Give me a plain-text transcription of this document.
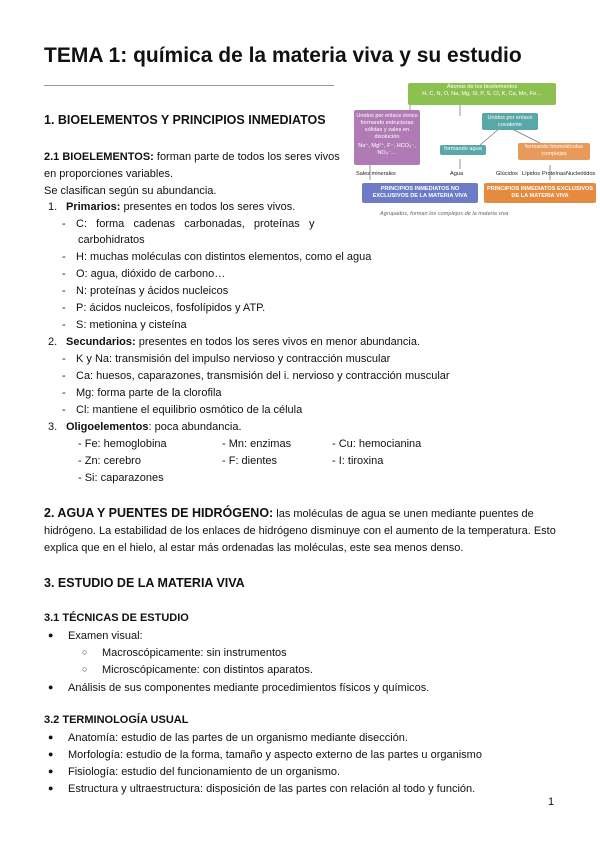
TEMA 1: química de la materia viva y su estudio
Átomos de los bioelementos
H, C, N, O, Na, Mg, Sl, P, S, Cl, K, Ca, Mn, Fe…
Unidos por enlace iónico formando estructuras sólidas y sales en disolución
Na⁺, Mg²⁺, F⁻, HCO₃⁻, NO₃⁻…
Unidos por enlace covalente
formando agua	formando biomoléculas complejas
Sales minerales	Agua	Glúcidos Lípidos Proteínas Nucleótidos
PRINCIPIOS INMEDIATOS NO EXCLUSIVOS DE LA MATERIA VIVA
PRINCIPIOS INMEDIATOS EXCLUSIVOS DE LA MATERIA VIVA
Agrupados, forman los complejos de la materia viva
1. BIOELEMENTOS Y PRINCIPIOS INMEDIATOS
2.1 BIOELEMENTOS: forman parte de todos los seres vivos
en proporciones variables.
Se clasifican según su abundancia.
1. Primarios: presentes en todos los seres vivos.
- C:   forma   cadenas   carbonadas,   proteínas   y
carbohidratos
- H: muchas moléculas con distintos elementos, como el agua
- O: agua, dióxido de carbono…
- N: proteínas y ácidos nucleicos
- P: ácidos nucleicos, fosfolípidos y ATP.
- S: metionina y cisteína
2. Secundarios: presentes en todos los seres vivos en menor abundancia.
- K y Na: transmisión del impulso nervioso y contracción muscular
- Ca: huesos, caparazones, transmisión del i. nervioso y contracción muscular
- Mg: forma parte de la clorofila
- Cl: mantiene el equilibrio osmótico de la célula
3. Oligoelementos: poca abundancia.
- Fe: hemoglobina	- Mn: enzimas	- Cu: hemocianina
- Zn: cerebro	- F: dientes	- I: tiroxina
- Si: caparazones
2. AGUA Y PUENTES DE HIDRÓGENO: las moléculas de agua se unen mediante puentes de
hidrógeno. La estabilidad de los enlaces de hidrógeno disminuye con el aumento de la temperatura. Esto
explica que en el hielo, al estar más ordenadas las moléculas, este sea menos denso.
3. ESTUDIO DE LA MATERIA VIVA
3.1 TÉCNICAS DE ESTUDIO
● Examen visual:
○ Macroscópicamente: sin instrumentos
○ Microscópicamente: con distintos aparatos.
● Análisis de sus componentes mediante procedimientos físicos y químicos.
3.2 TERMINOLOGÍA USUAL
● Anatomía: estudio de las partes de un organismo mediante disección.
● Morfología: estudio de la forma, tamaño y aspecto externo de las partes u organismo
● Fisiología: estudio del funcionamiento de un organismo.
● Estructura y ultraestructura: disposición de las partes con relación al todo y función.
1
